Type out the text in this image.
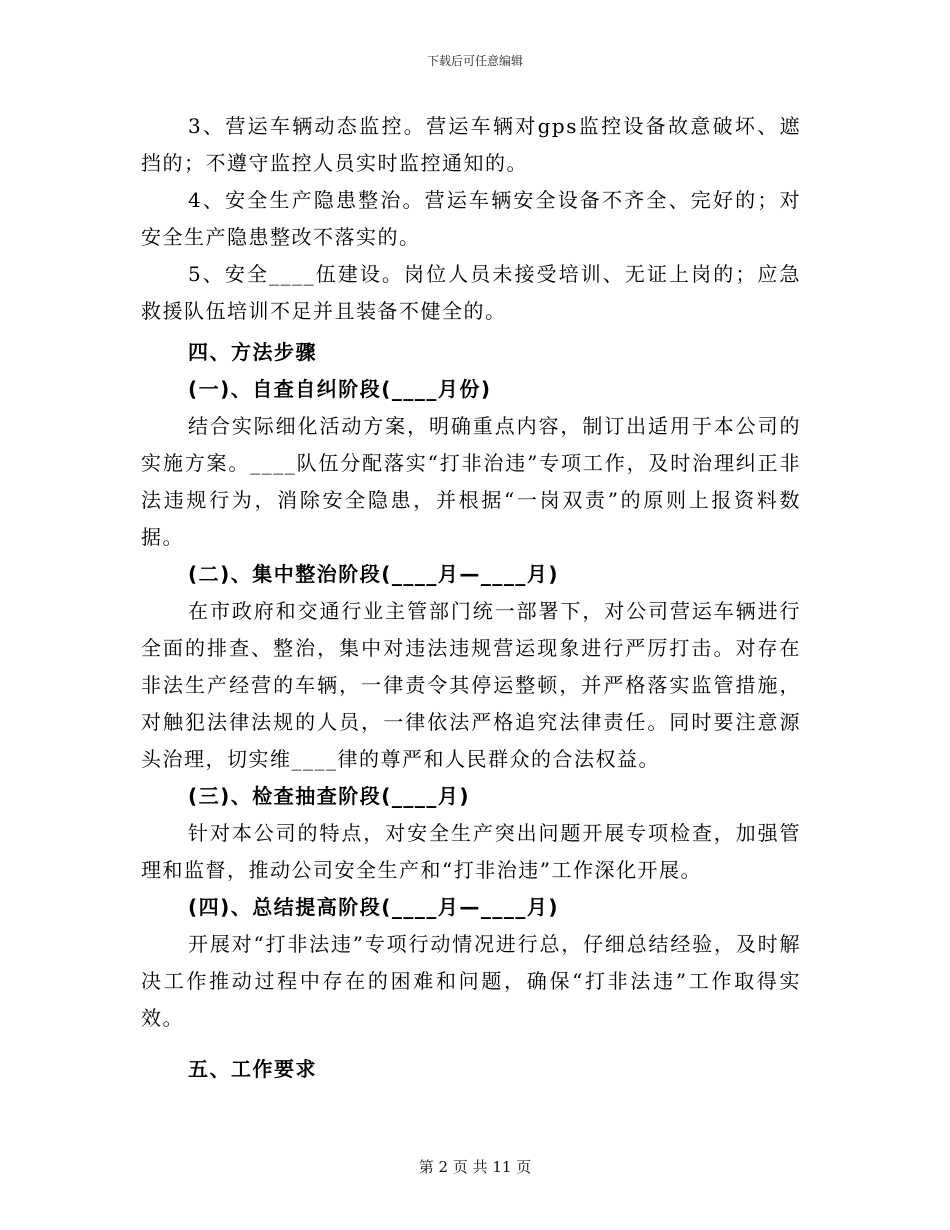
下载后可任意编辑

3、营运车辆动态监控。营运车辆对gps监控设备故意破坏、遮挡的；不遵守监控人员实时监控通知的。

4、安全生产隐患整治。营运车辆安全设备不齐全、完好的；对安全生产隐患整改不落实的。

5、安全____伍建设。岗位人员未接受培训、无证上岗的；应急救援队伍培训不足并且装备不健全的。

四、方法步骤

(一)、自查自纠阶段(____月份)

结合实际细化活动方案，明确重点内容，制订出适用于本公司的实施方案。____队伍分配落实“打非治违”专项工作，及时治理纠正非法违规行为，消除安全隐患，并根据“一岗双责”的原则上报资料数据。

(二)、集中整治阶段(____月—____月)

在市政府和交通行业主管部门统一部署下，对公司营运车辆进行全面的排查、整治，集中对违法违规营运现象进行严厉打击。对存在非法生产经营的车辆，一律责令其停运整顿，并严格落实监管措施，对触犯法律法规的人员，一律依法严格追究法律责任。同时要注意源头治理，切实维____律的尊严和人民群众的合法权益。

(三)、检查抽查阶段(____月)

针对本公司的特点，对安全生产突出问题开展专项检查，加强管理和监督，推动公司安全生产和“打非治违”工作深化开展。

(四)、总结提高阶段(____月—____月)

开展对“打非法违”专项行动情况进行总，仔细总结经验，及时解决工作推动过程中存在的困难和问题，确保“打非法违”工作取得实效。

五、工作要求

第 2 页 共 11 页
